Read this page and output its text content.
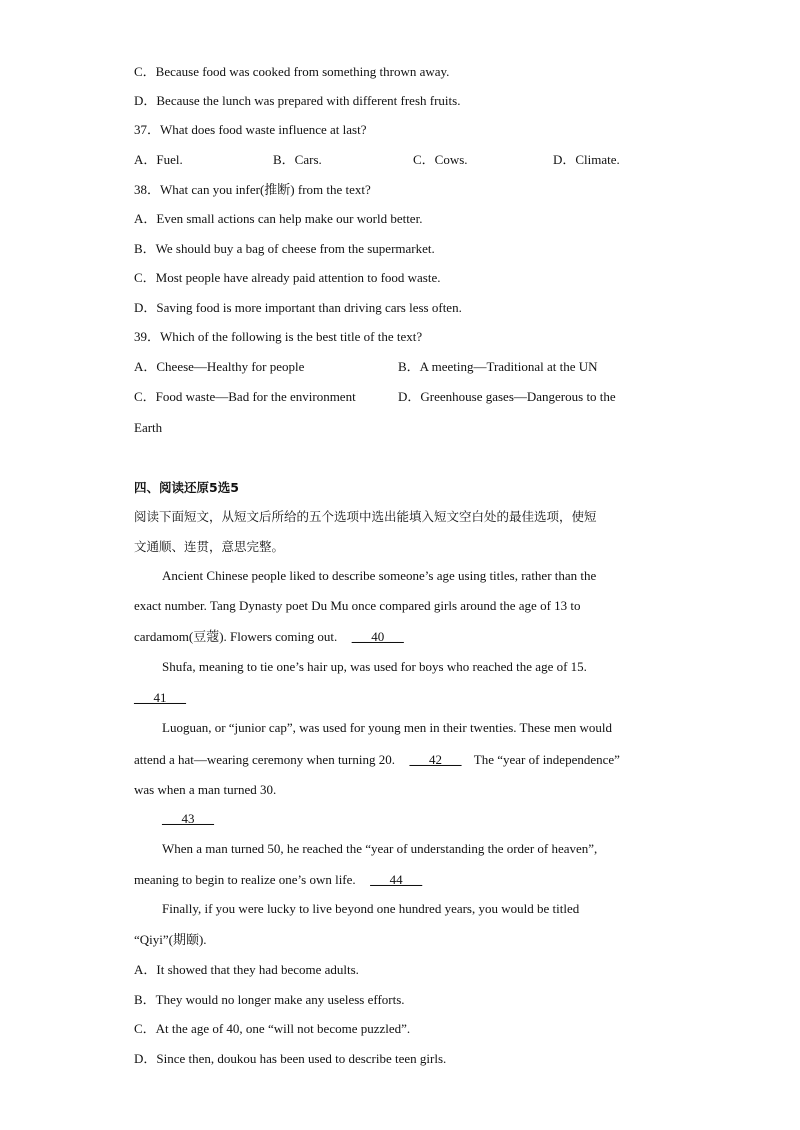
C．Because food was cooked from something thrown away.
D．Because the lunch was prepared with different fresh fruits.
37．What does food waste influence at last?
A．Fuel.	B．Cars.	C．Cows.	D．Climate.
38．What can you infer(推断) from the text?
A．Even small actions can help make our world better.
B．We should buy a bag of cheese from the supermarket.
C．Most people have already paid attention to food waste.
D．Saving food is more important than driving cars less often.
39．Which of the following is the best title of the text?
A．Cheese—Healthy for people	B．A meeting—Traditional at the UN
C．Food waste—Bad for the environment	D．Greenhouse gases—Dangerous to the
Earth
四、阅读还原5选5
阅读下面短文，从短文后所给的五个选项中选出能填入短文空白处的最佳选项，使短
文通顺、连贯，意思完整。
Ancient Chinese people liked to describe someone’s age using titles, rather than the
exact number. Tang Dynasty poet Du Mu once compared girls around the age of 13 to
cardamom(豆蔻). Flowers coming out. ___40___
Shufa, meaning to tie one’s hair up, was used for boys who reached the age of 15.
___41___
Luoguan, or “junior cap”, was used for young men in their twenties. These men would
attend a hat—wearing ceremony when turning 20. ___42___ The “year of independence”
was when a man turned 30.
___43___
When a man turned 50, he reached the “year of understanding the order of heaven”,
meaning to begin to realize one’s own life. ___44___
Finally, if you were lucky to live beyond one hundred years, you would be titled
“Qiyi”(期颐).
A．It showed that they had become adults.
B．They would no longer make any useless efforts.
C．At the age of 40, one “will not become puzzled”.
D．Since then, doukou has been used to describe teen girls.
